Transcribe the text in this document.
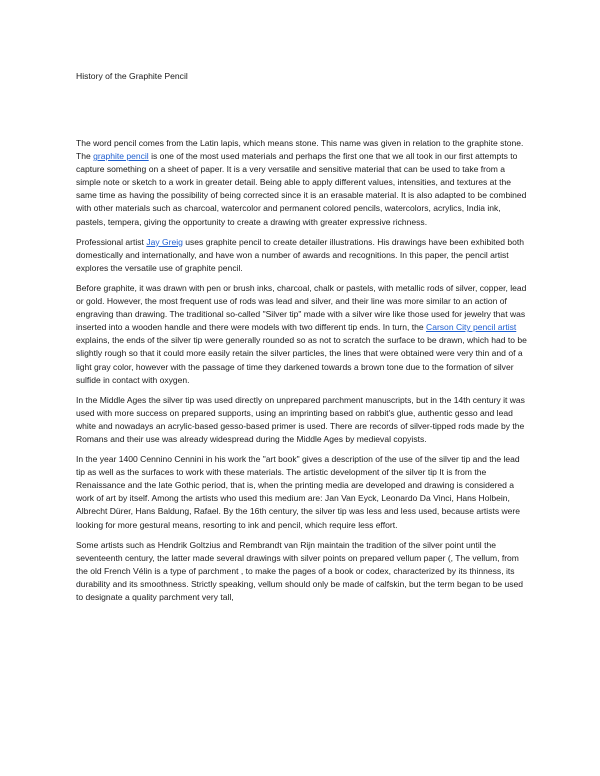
History of the Graphite Pencil

The word pencil comes from the Latin lapis, which means stone. This name was given in relation to the graphite stone. The graphite pencil is one of the most used materials and perhaps the first one that we all took in our first attempts to capture something on a sheet of paper. It is a very versatile and sensitive material that can be used to take from a simple note or sketch to a work in greater detail. Being able to apply different values, intensities, and textures at the same time as having the possibility of being corrected since it is an erasable material. It is also adapted to be combined with other materials such as charcoal, watercolor and permanent colored pencils, watercolors, acrylics, India ink, pastels, tempera, giving the opportunity to create a drawing with greater expressive richness.

Professional artist Jay Greig uses graphite pencil to create detailer illustrations. His drawings have been exhibited both domestically and internationally, and have won a number of awards and recognitions. In this paper, the pencil artist explores the versatile use of graphite pencil.

Before graphite, it was drawn with pen or brush inks, charcoal, chalk or pastels, with metallic rods of silver, copper, lead or gold. However, the most frequent use of rods was lead and silver, and their line was more similar to an action of engraving than drawing. The traditional so-called "Silver tip" made with a silver wire like those used for jewelry that was inserted into a wooden handle and there were models with two different tip ends. In turn, the Carson City pencil artist explains, the ends of the silver tip were generally rounded so as not to scratch the surface to be drawn, which had to be slightly rough so that it could more easily retain the silver particles, the lines that were obtained were very thin and of a light gray color, however with the passage of time they darkened towards a brown tone due to the formation of silver sulfide in contact with oxygen.

In the Middle Ages the silver tip was used directly on unprepared parchment manuscripts, but in the 14th century it was used with more success on prepared supports, using an imprinting based on rabbit's glue, authentic gesso and lead white and nowadays an acrylic-based gesso-based primer is used. There are records of silver-tipped rods made by the Romans and their use was already widespread during the Middle Ages by medieval copyists.

In the year 1400 Cennino Cennini in his work the "art book" gives a description of the use of the silver tip and the lead tip as well as the surfaces to work with these materials. The artistic development of the silver tip It is from the Renaissance and the late Gothic period, that is, when the printing media are developed and drawing is considered a work of art by itself. Among the artists who used this medium are: Jan Van Eyck, Leonardo Da Vinci, Hans Holbein, Albrecht Dürer, Hans Baldung, Rafael. By the 16th century, the silver tip was less and less used, because artists were looking for more gestural means, resorting to ink and pencil, which require less effort.

Some artists such as Hendrik Goltzius and Rembrandt van Rijn maintain the tradition of the silver point until the seventeenth century, the latter made several drawings with silver points on prepared vellum paper (, The vellum, from the old French Vélin is a type of parchment , to make the pages of a book or codex, characterized by its thinness, its durability and its smoothness. Strictly speaking, vellum should only be made of calfskin, but the term began to be used to designate a quality parchment very tall,
